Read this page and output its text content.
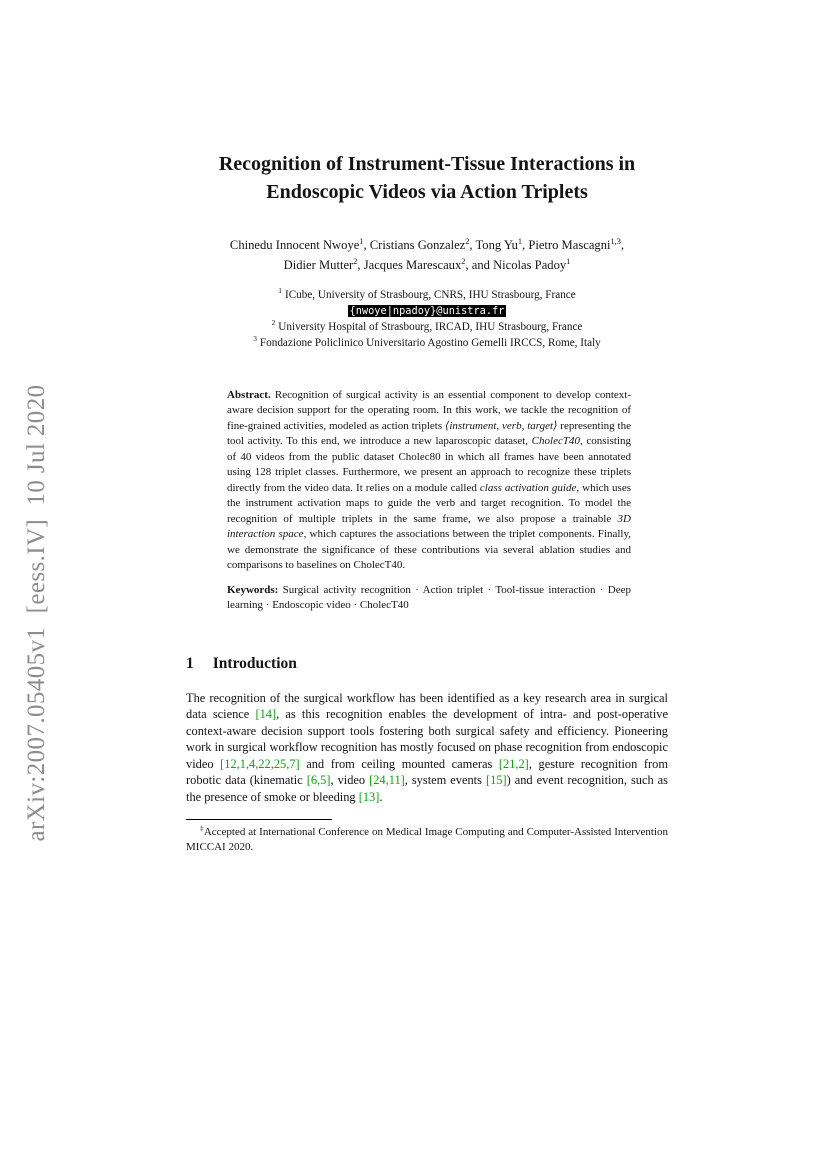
arXiv:2007.05405v1  [eess.IV]  10 Jul 2020
Recognition of Instrument-Tissue Interactions in
Endoscopic Videos via Action Triplets
Chinedu Innocent Nwoye$^1$, Cristians Gonzalez$^2$, Tong Yu$^1$, Pietro Mascagni$^{1,3}$,
Didier Mutter$^2$, Jacques Marescaux$^2$, and Nicolas Padoy$^1$
$^1$ ICube, University of Strasbourg, CNRS, IHU Strasbourg, France
{nwoye|npadoy}@unistra.fr
$^2$ University Hospital of Strasbourg, IRCAD, IHU Strasbourg, France
$^3$ Fondazione Policlinico Universitario Agostino Gemelli IRCCS, Rome, Italy
Abstract. Recognition of surgical activity is an essential component to develop context-aware decision support for the operating room. In this work, we tackle the recognition of fine-grained activities, modeled as action triplets ⟨instrument, verb, target⟩ representing the tool activity. To this end, we introduce a new laparoscopic dataset, CholecT40, consisting of 40 videos from the public dataset Cholec80 in which all frames have been annotated using 128 triplet classes. Furthermore, we present an approach to recognize these triplets directly from the video data. It relies on a module called class activation guide, which uses the instrument activation maps to guide the verb and target recognition. To model the recognition of multiple triplets in the same frame, we also propose a trainable 3D interaction space, which captures the associations between the triplet components. Finally, we demonstrate the significance of these contributions via several ablation studies and comparisons to baselines on CholecT40.
Keywords: Surgical activity recognition · Action triplet · Tool-tissue interaction · Deep learning · Endoscopic video · CholecT40
1 Introduction
The recognition of the surgical workflow has been identified as a key research area in surgical data science [14], as this recognition enables the development of intra- and post-operative context-aware decision support tools fostering both surgical safety and efficiency. Pioneering work in surgical workflow recognition has mostly focused on phase recognition from endoscopic video [12,1,4,22,25,7] and from ceiling mounted cameras [21,2], gesture recognition from robotic data (kinematic [6,5], video [24,11], system events [15]) and event recognition, such as the presence of smoke or bleeding [13].
‡Accepted at International Conference on Medical Image Computing and Computer-Assisted Intervention MICCAI 2020.
